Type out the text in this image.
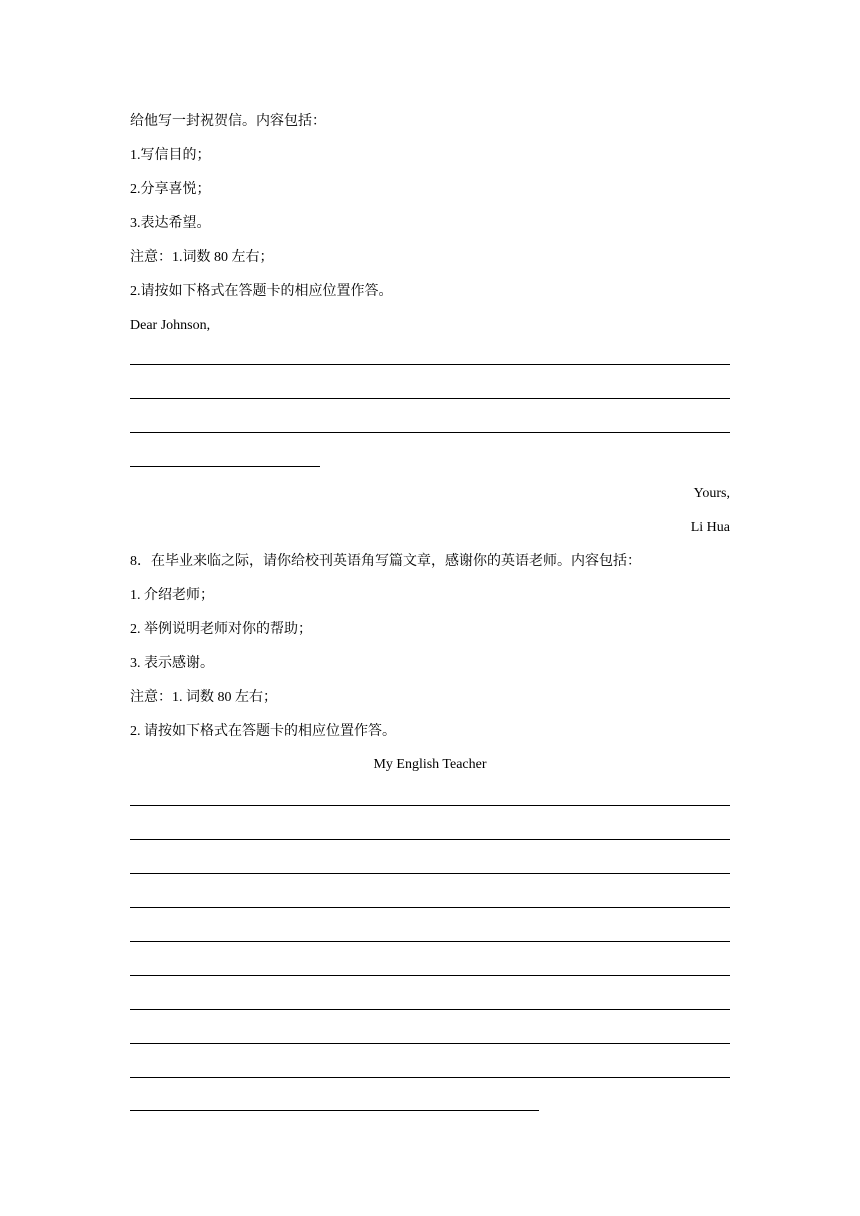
给他写一封祝贺信。内容包括：
1.写信目的；
2.分享喜悦；
3.表达希望。
注意：1.词数 80 左右；
2.请按如下格式在答题卡的相应位置作答。
Dear Johnson,
Yours,
Li Hua
8．在毕业来临之际，请你给校刊英语角写篇文章，感谢你的英语老师。内容包括：
1. 介绍老师；
2. 举例说明老师对你的帮助；
3. 表示感谢。
注意：1. 词数 80 左右；
2. 请按如下格式在答题卡的相应位置作答。
My English Teacher
